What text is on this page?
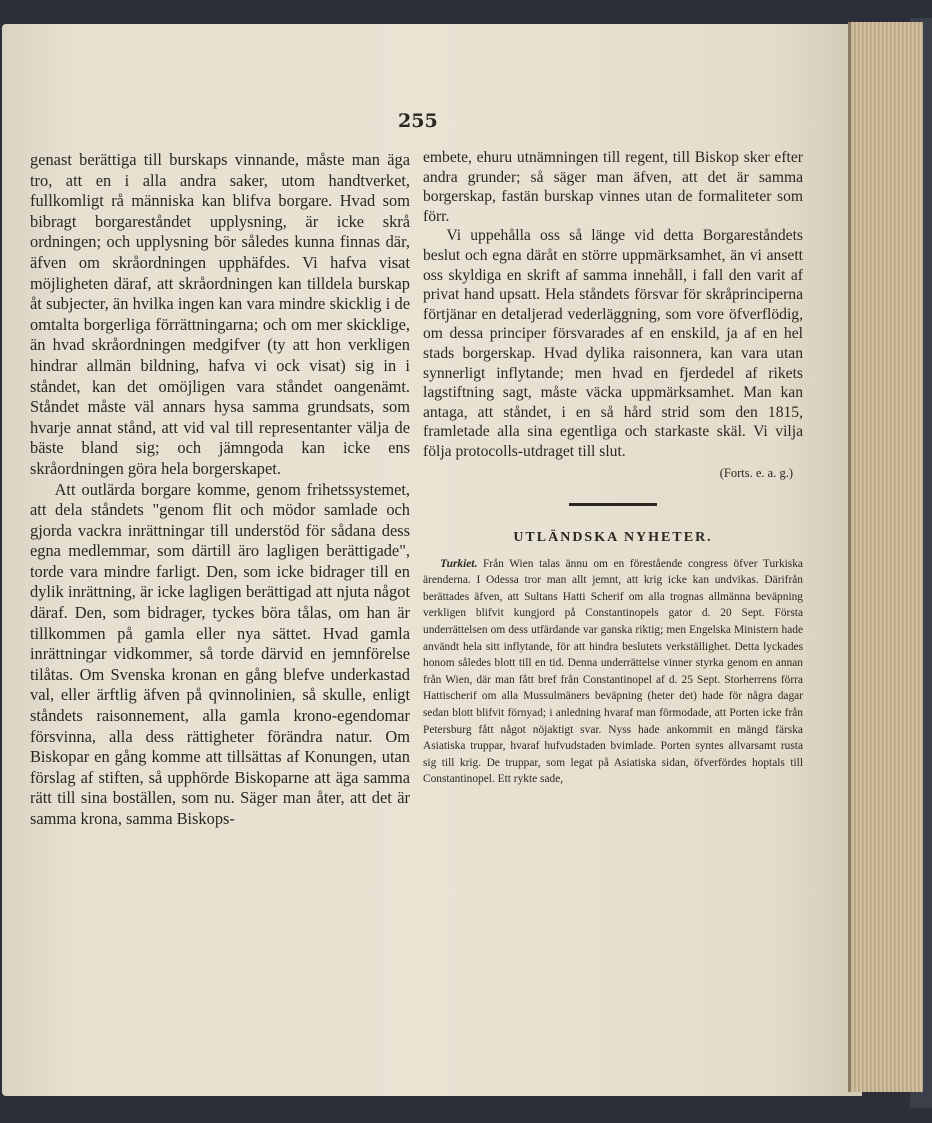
255

genast berättiga till burskaps vinnande, måste man äga tro, att en i alla andra saker, utom handtverket, fullkomligt rå människa kan blifva borgare. Hvad som bibragt borgareståndet upplysning, är icke skrå ordningen; och upplysning bör således kunna finnas där, äfven om skråordningen upphäfdes. Vi hafva visat möjligheten däraf, att skråordningen kan tilldela burskap åt subjecter, än hvilka ingen kan vara mindre skicklig i de omtalta borgerliga förrättningarna; och om mer skicklige, än hvad skråordningen medgifver (ty att hon verkligen hindrar allmän bildning, hafva vi ock visat) sig in i ståndet, kan det omöjligen vara ståndet oangenämt. Ståndet måste väl annars hysa samma grundsats, som hvarje annat stånd, att vid val till representanter välja de bäste bland sig; och jämngoda kan icke ens skråordningen göra hela borgerskapet.

Att outlärda borgare komme, genom frihetssystemet, att dela ståndets "genom flit och mödor samlade och gjorda vackra inrättningar till understöd för sådana dess egna medlemmar, som därtill äro lagligen berättigade", torde vara mindre farligt. Den, som icke bidrager till en dylik inrättning, är icke lagligen berättigad att njuta något däraf. Den, som bidrager, tyckes böra tålas, om han är tillkommen på gamla eller nya sättet. Hvad gamla inrättningar vidkommer, så torde därvid en jemnförelse tilåtas. Om Svenska kronan en gång blefve underkastad val, eller ärftlig äfven på qvinnolinien, så skulle, enligt ståndets raisonnement, alla gamla krono-egendomar försvinna, alla dess rättigheter förändra natur. Om Biskopar en gång komme att tillsättas af Konungen, utan förslag af stiften, så upphörde Biskoparne att äga samma rätt till sina boställen, som nu. Säger man åter, att det är samma krona, samma Biskops-

embete, ehuru utnämningen till regent, till Biskop sker efter andra grunder; så säger man äfven, att det är samma borgerskap, fastän burskap vinnes utan de formaliteter som förr.

Vi uppehålla oss så länge vid detta Borgareståndets beslut och egna däråt en större uppmärksamhet, än vi ansett oss skyldiga en skrift af samma innehåll, i fall den varit af privat hand upsatt. Hela ståndets försvar för skråprinciperna förtjänar en detaljerad vederläggning, som vore öfverflödig, om dessa principer försvarades af en enskild, ja af en hel stads borgerskap. Hvad dylika raisonnera, kan vara utan synnerligt inflytande; men hvad en fjerdedel af rikets lagstiftning sagt, måste väcka uppmärksamhet. Man kan antaga, att ståndet, i en så hård strid som den 1815, framletade alla sina egentliga och starkaste skäl. Vi vilja följa protocolls-utdraget till slut.

(Forts. e. a. g.)

UTLÄNDSKA NYHETER.

Turkiet. Från Wien talas ännu om en förestående congress öfver Turkiska ärenderna. I Odessa tror man allt jemnt, att krig icke kan undvikas. Därifrån berättades äfven, att Sultans Hatti Scherif om alla trognas allmänna beväpning verkligen blifvit kungjord på Constantinopels gator d. 20 Sept. Första underrättelsen om dess utfärdande var ganska riktig; men Engelska Ministern hade användt hela sitt inflytande, för att hindra beslutets verkställighet. Detta lyckades honom således blott till en tid. Denna underrättelse vinner styrka genom en annan från Wien, där man fått bref från Constantinopel af d. 25 Sept. Storherrens förra Hattischerif om alla Mussulmäners beväpning (heter det) hade för några dagar sedan blott blifvit förnyad; i anledning hvaraf man förmodade, att Porten icke från Petersburg fått något nöjaktigt svar. Nyss hade ankommit en mängd färska Asiatiska truppar, hvaraf hufvudstaden bvimlade. Porten syntes allvarsamt rusta sig till krig. De truppar, som legat på Asiatiska sidan, öfverfördes hoptals till Constantinopel. Ett rykte sade,
